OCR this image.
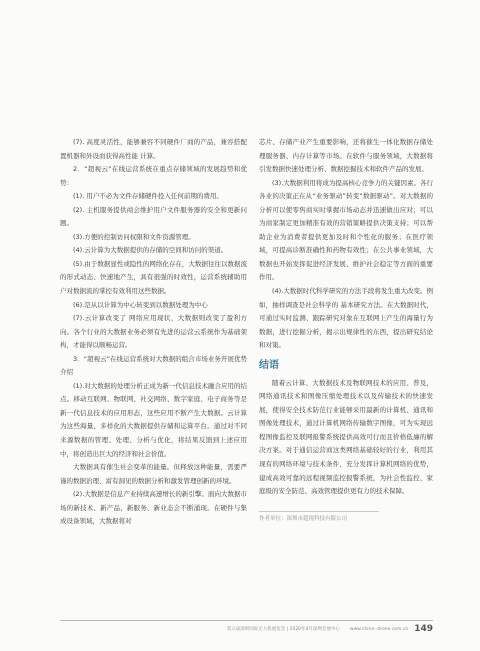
(7). 高度灵活性，能够兼容不同硬件厂商的产品，兼容搭配置机器和外设而获得高性能 计算。

2．“超视云”在线运营系统在重点存储领域的发展趋势和优势：

(1). 用户不必为文件存储硬件投入任何前期的费用。

(2). 主机服务提供商会维护用户文件服务器的安全和更新问题。

(3).方便的控制访问权限和文件资源管理。

(4).云计算为大数据提供的存储的空间和访问的渠道。

(5).由于数据显性或隐性的网络化存在，大数据往往以数据流的形式动态、快速地产生，具有很强的时效性，运营系统辅助用户对数据流的掌控有效利用这些数据。

(6).是从以计算为中心转变到以数据处理为中心

(7).云计算改变了 网络应用现状，大数据则改变了盈利方向。各个行业的大数据业务必须有先进的运营云系统作为基础架构，才能得以顺畅运营。

3．“超视云”在线运营系统对大数据的组合市场业务开展优势介绍

(1).对大数据的处理分析正成为新一代信息技术融合应用的结点。移动互联网、物联网、社交网络、数字家庭、电子商务等是新一代信息技术的应用形态，这些应用不断产生大数据。云计算为这些海量、多样化的大数据提供存储和运算平台。通过对不同来源数据的管理、处理、分析与优化，将结果反馈到上述应用中，将创造出巨大的经济和社会价值。

大数据具有催生社会变革的能量。但释放这种能量，需要严谨的数据治理、富有洞见的数据分析和激发管理创新的环境。

(2).大数据是信息产业持续高速增长的新引擎。面向大数据市场的新技术、新产品、新服务、新业态会不断涌现。在硬件与集成设备领域，大数据将对

芯片、存储产业产生重要影响，还将催生一体化数据存储处理服务器、内存计算等市场。在软件与服务领域，大数据将引发数据快速处理分析、数据挖掘技术和软件产品的发展。

(3).大数据利用将成为提高核心竞争力的关键因素。各行各业的决策正在从“业务驱动”转变“数据驱动”。对大数据的分析可以使零售商实时掌握市场动态并迅速做出应对；可以为商家制定更加精准有效的营销策略提供决策支持；可以帮助企业为消费者提供更加及时和个性化的服务；在医疗领域，可提高诊断准确性和药物有效性；在公共事业领域，大数据也开始发挥促进经济发展、维护社会稳定等方面的重要作用。

(4).大数据时代科学研究的方法手段将发生重大改变。例如，抽样调查是社会科学的 基本研究方法。在大数据时代，可通过实时监测、跟踪研究对象在互联网上产生的海量行为数据，进行挖掘分析，揭示出规律性的东西，提出研究结论和对策。

结语

随着云计算、大数据技术及物联网技术的应用、普及，网络通讯技术和图像压缩处理技术以及传输技术的快速发展，使得安全技术防范行业能够采用最新的计算机、通讯和图像处理技术，通过计算机网络传输数字图像，可为实现远程图像监控及联网报警系统提供高效可行而且价格低廉的解决方案。对于通信运营商这类网络基础较好的行业，利用其现有的网络环境与技术条件，充分发挥计算机网络的优势，建成高效可靠的远程视频监控报警系统，为社会性监控、家庭级的安全防范、高效管理提供更有力的技术保障。

作者单位：深圳市超视科技有限公司
第五届深圳国际无人机展览会 | 2020年4月深圳会展中心 www.china--drone.com.cn 149
